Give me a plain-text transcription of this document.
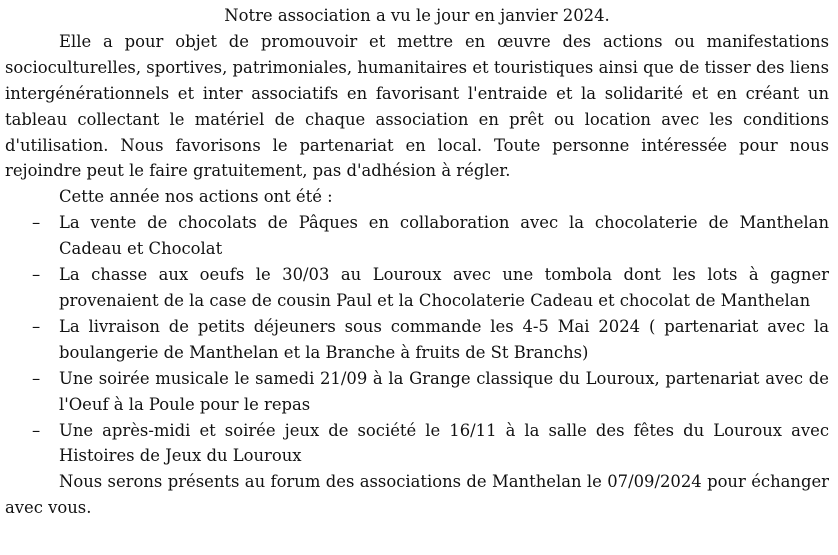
Notre association a vu le jour en janvier 2024.

Elle a pour objet de promouvoir et mettre en œuvre des actions ou manifestations socioculturelles, sportives, patrimoniales, humanitaires et touristiques ainsi que de tisser des liens intergénérationnels et inter associatifs en favorisant l'entraide et la solidarité et en créant un tableau collectant le matériel de chaque association en prêt ou location avec les conditions d'utilisation. Nous favorisons le partenariat en local. Toute personne intéressée pour nous rejoindre peut le faire gratuitement, pas d'adhésion à régler.

Cette année nos actions ont été :

– La vente de chocolats de Pâques en collaboration avec la chocolaterie de Manthelan Cadeau et Chocolat
– La chasse aux oeufs le 30/03 au Louroux avec une tombola dont les lots à gagner provenaient de la case de cousin Paul et la Chocolaterie Cadeau et chocolat de Manthelan
– La livraison de petits déjeuners sous commande les 4-5 Mai 2024 ( partenariat avec la boulangerie de Manthelan et la Branche à fruits de St Branchs)
– Une soirée musicale le samedi 21/09 à la Grange classique du Louroux, partenariat avec de l'Oeuf à la Poule pour le repas
– Une après-midi et soirée jeux de société le 16/11 à la salle des fêtes du Louroux avec Histoires de Jeux du Louroux

Nous serons présents au forum des associations de Manthelan le 07/09/2024 pour échanger avec vous.
